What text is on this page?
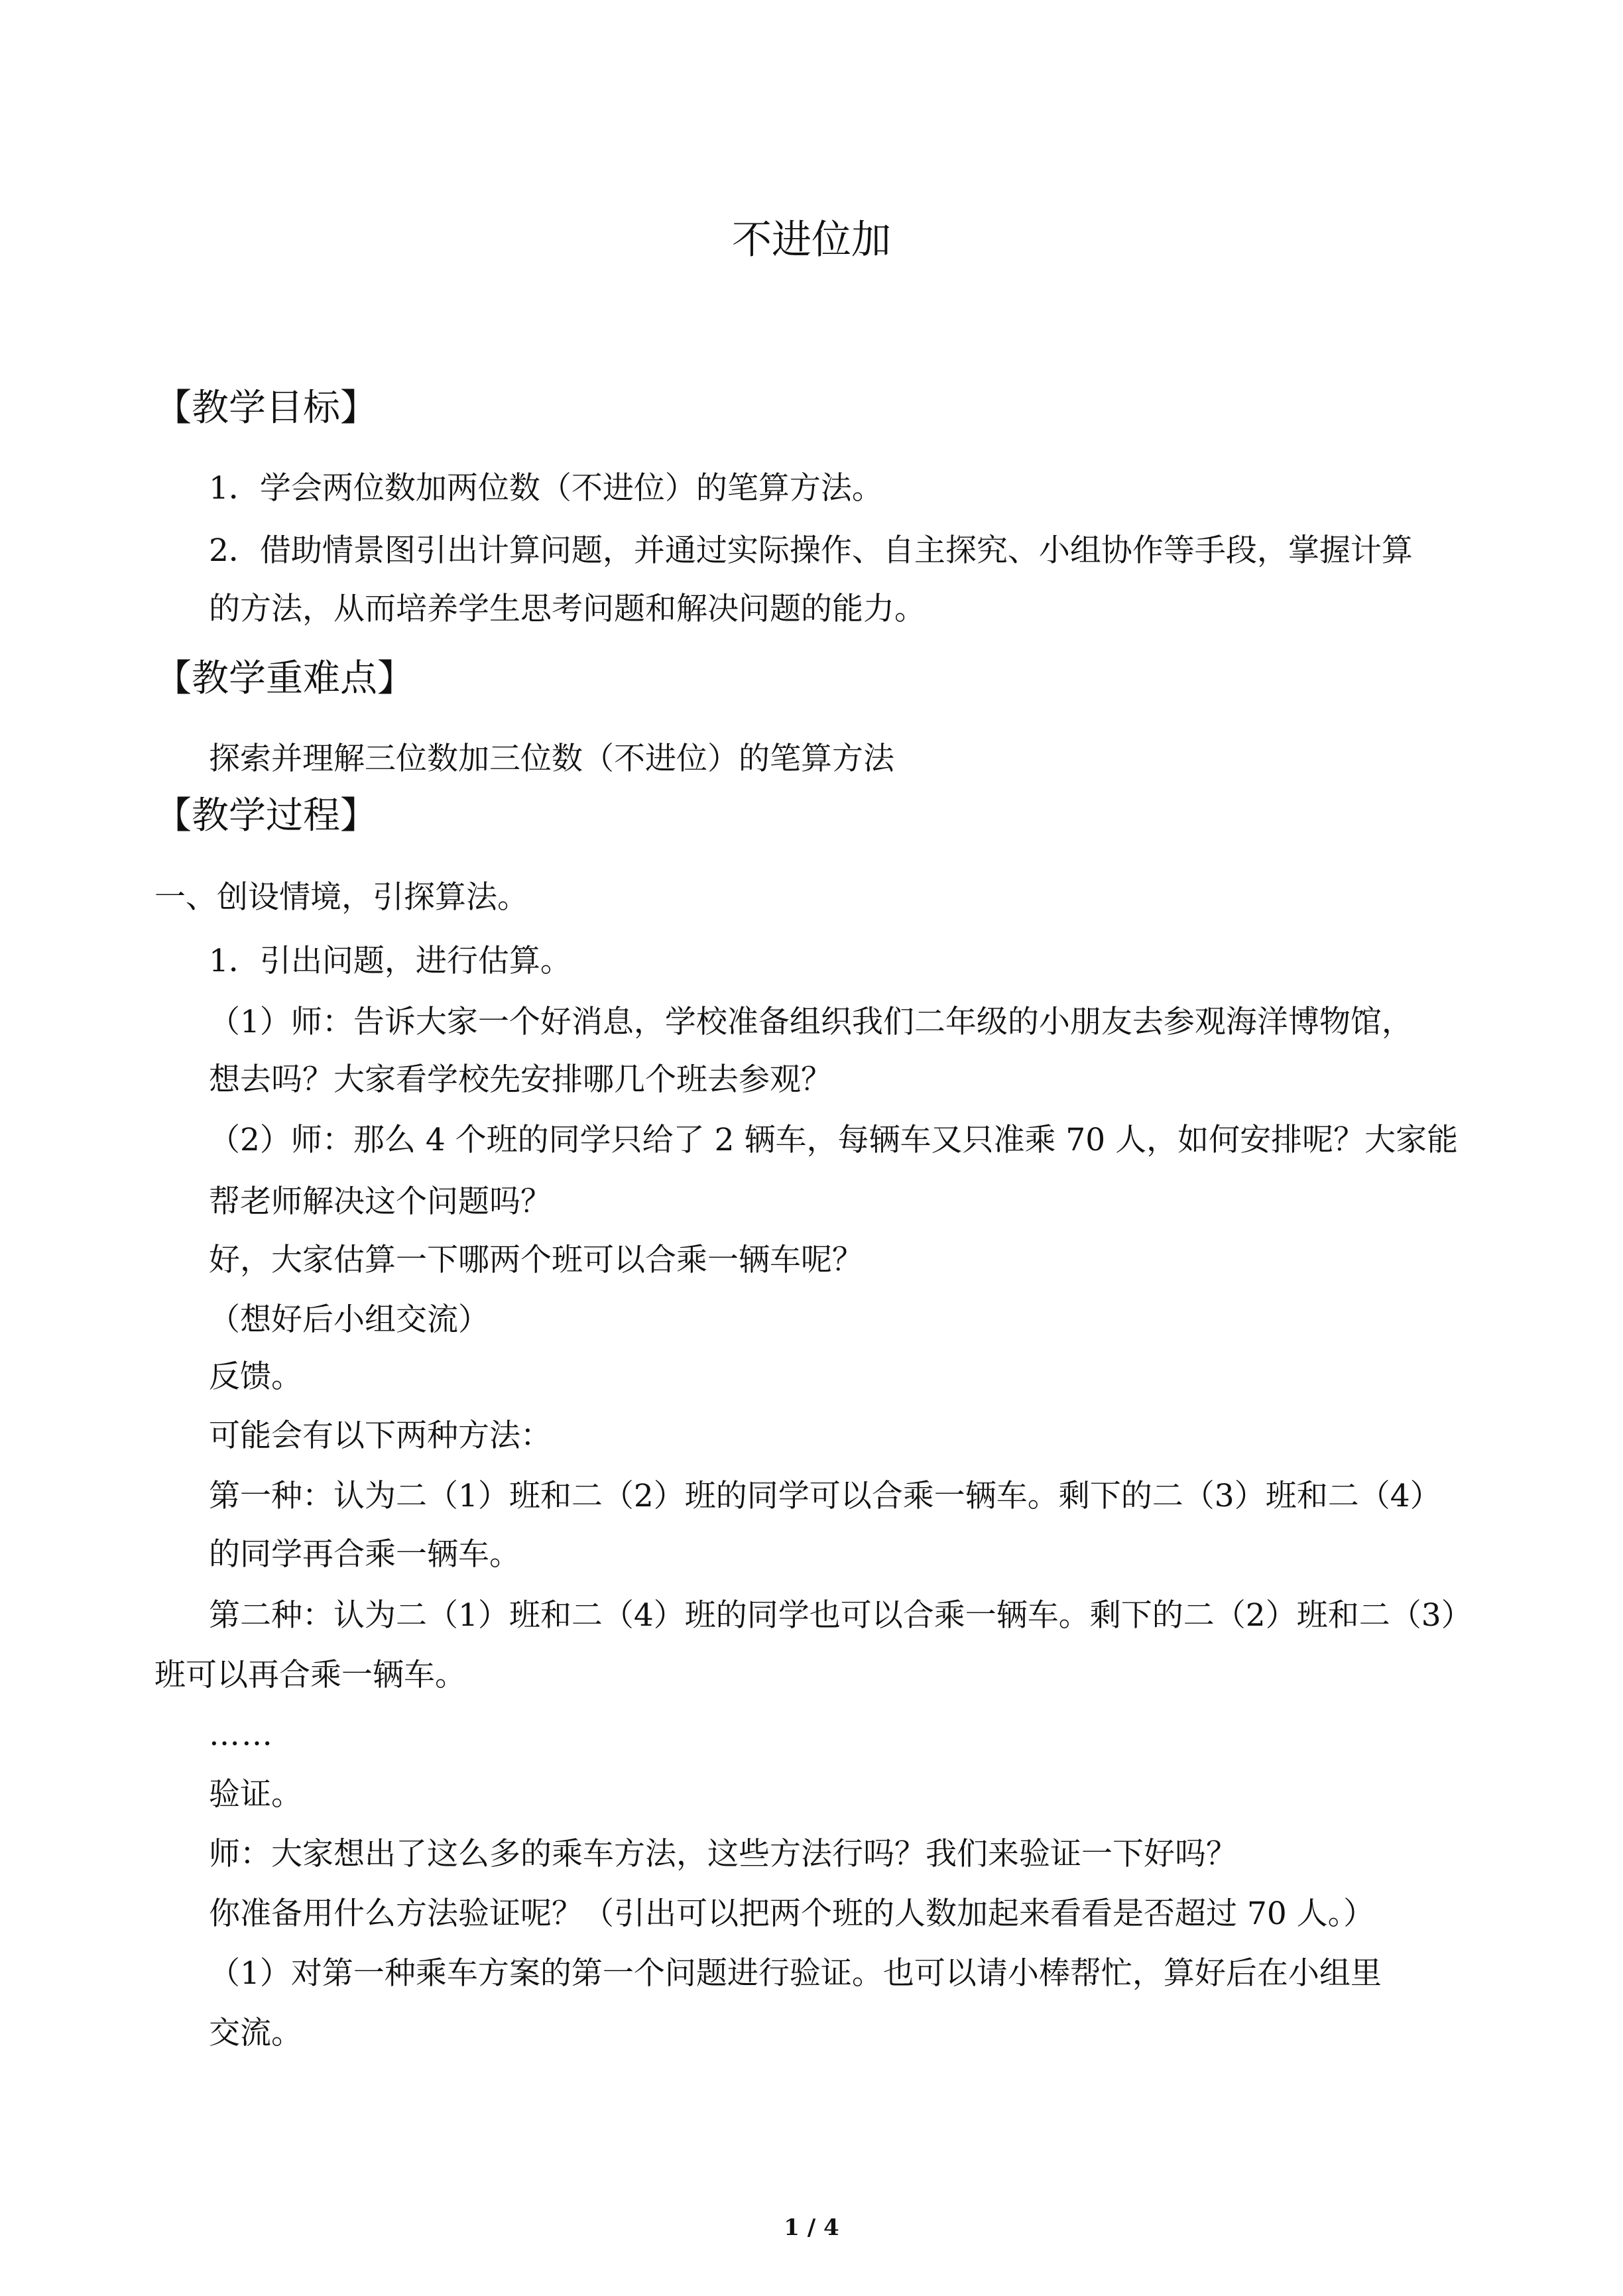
不进位加
【教学目标】
1．学会两位数加两位数（不进位）的笔算方法。
2．借助情景图引出计算问题，并通过实际操作、自主探究、小组协作等手段，掌握计算
的方法，从而培养学生思考问题和解决问题的能力。
【教学重难点】
探索并理解三位数加三位数（不进位）的笔算方法
【教学过程】
一、创设情境，引探算法。
1．引出问题，进行估算。
（1）师：告诉大家一个好消息，学校准备组织我们二年级的小朋友去参观海洋博物馆，
想去吗？大家看学校先安排哪几个班去参观？
（2）师：那么 4 个班的同学只给了 2 辆车，每辆车又只准乘 70 人，如何安排呢？大家能
帮老师解决这个问题吗？
好，大家估算一下哪两个班可以合乘一辆车呢？
（想好后小组交流）
反馈。
可能会有以下两种方法：
第一种：认为二（1）班和二（2）班的同学可以合乘一辆车。剩下的二（3）班和二（4）
的同学再合乘一辆车。
第二种：认为二（1）班和二（4）班的同学也可以合乘一辆车。剩下的二（2）班和二（3）
班可以再合乘一辆车。
……
验证。
师：大家想出了这么多的乘车方法，这些方法行吗？我们来验证一下好吗？
你准备用什么方法验证呢？（引出可以把两个班的人数加起来看看是否超过 70 人。）
（1）对第一种乘车方案的第一个问题进行验证。也可以请小棒帮忙，算好后在小组里
交流。
1 / 4
